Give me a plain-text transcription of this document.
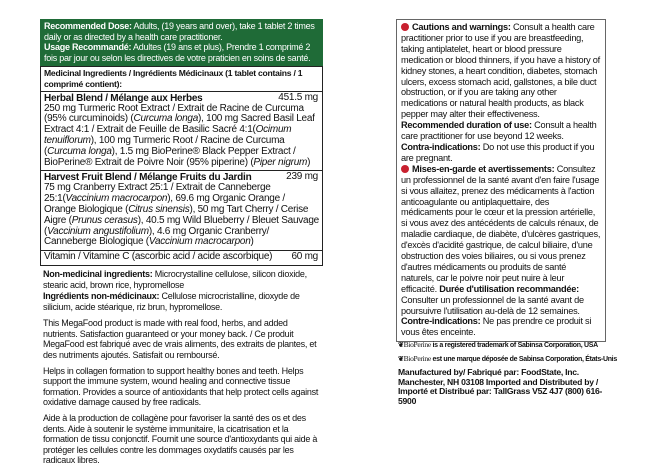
Recommended Dose: Adults, (19 years and over), take 1 tablet 2 times daily or as directed by a health care practitioner.
Usage Recommandé: Adultes (19 ans et plus), Prendre 1 comprimé 2 fois par jour ou selon les directives de votre praticien en soins de santé.
Medicinal Ingredients / Ingrédients Médicinaux (1 tablet contains / 1 comprimé contient):
Herbal Blend / Mélange aux Herbes	451.5 mg
250 mg Turmeric Root Extract / Extrait de Racine de Curcuma (95% curcuminoids) (Curcuma longa), 100 mg Sacred Basil Leaf Extract 4:1 / Extrait de Feuille de Basilic Sacré 4:1(Ocimum tenuiflorum), 100 mg Turmeric Root / Racine de Curcuma (Curcuma longa), 1.5 mg BioPerine® Black Pepper Extract / BioPerine® Extrait de Poivre Noir (95% piperine) (Piper nigrum)
Harvest Fruit Blend / Mélange Fruits du Jardin	239 mg
75 mg Cranberry Extract 25:1 / Extrait de Canneberge 25:1(Vaccinium macrocarpon), 69.6 mg Organic Orange / Orange Biologique (Citrus sinensis), 50 mg Tart Cherry / Cerise Aigre (Prunus cerasus), 40.5 mg Wild Blueberry / Bleuet Sauvage (Vaccinium angustifolium), 4.6 mg Organic Cranberry/ Canneberge Biologique (Vaccinium macrocarpon)
Vitamin / Vitamine C (ascorbic acid / acide ascorbique)	60 mg
Non-medicinal ingredients: Microcrystalline cellulose, silicon dioxide, stearic acid, brown rice, hypromellose
Ingrédients non-médicinaux: Cellulose microcristalline, dioxyde de silicium, acide stéarique, riz brun, hypromellose.
This MegaFood product is made with real food, herbs, and added nutrients. Satisfaction guaranteed or your money back. / Ce produit MegaFood est fabriqué avec de vrais aliments, des extraits de plantes, et des nutriments ajoutés. Satisfait ou remboursé.
Helps in collagen formation to support healthy bones and teeth. Helps support the immune system, wound healing and connective tissue formation. Provides a source of antioxidants that help protect cells against oxidative damage caused by free radicals.
Aide à la production de collagène pour favoriser la santé des os et des dents. Aide à soutenir le système immunitaire, la cicatrisation et la formation de tissu conjonctif. Fournit une source d'antioxydants qui aide à protéger les cellules contre les dommages oxydatifs causés par les radicaux libres.
Cautions and warnings: Consult a health care practitioner prior to use if you are breastfeeding, taking antiplatelet, heart or blood pressure medication or blood thinners, if you have a history of kidney stones, a heart condition, diabetes, stomach ulcers, excess stomach acid, gallstones, a bile duct obstruction, or if you are taking any other medications or natural health products, as black pepper may alter their effectiveness.
Recommended duration of use: Consult a health care practitioner for use beyond 12 weeks.
Contra-indications: Do not use this product if you are pregnant.
Mises-en-garde et avertissements: Consultez un professionnel de la santé avant d'en faire l'usage si vous allaitez, prenez des médicaments à l'action anticoagulante ou antiplaquettaire, des médicaments pour le cœur et la pression artérielle, si vous avez des antécédents de calculs rénaux, de maladie cardiaque, de diabète, d'ulcères gastriques, d'excès d'acidité gastrique, de calcul biliaire, d'une obstruction des voies biliaires, ou si vous prenez d'autres médicaments ou produits de santé naturels, car le poivre noir peut nuire à leur efficacité. Durée d'utilisation recommandée: Consulter un professionnel de la santé avant de poursuivre l'utilisation au-delà de 12 semaines.
Contre-indications: Ne pas prendre ce produit si vous êtes enceinte.
❦BioPerine is a registered trademark of Sabinsa Corporation, USA
❦BioPerine est une marque déposée de Sabinsa Corporation, États-Unis
Manufactured by/ Fabriqué par: FoodState, Inc. Manchester, NH 03108 Imported and Distributed by / Importé et Distribué par: TallGrass V5Z 4J7 (800) 616-5900
